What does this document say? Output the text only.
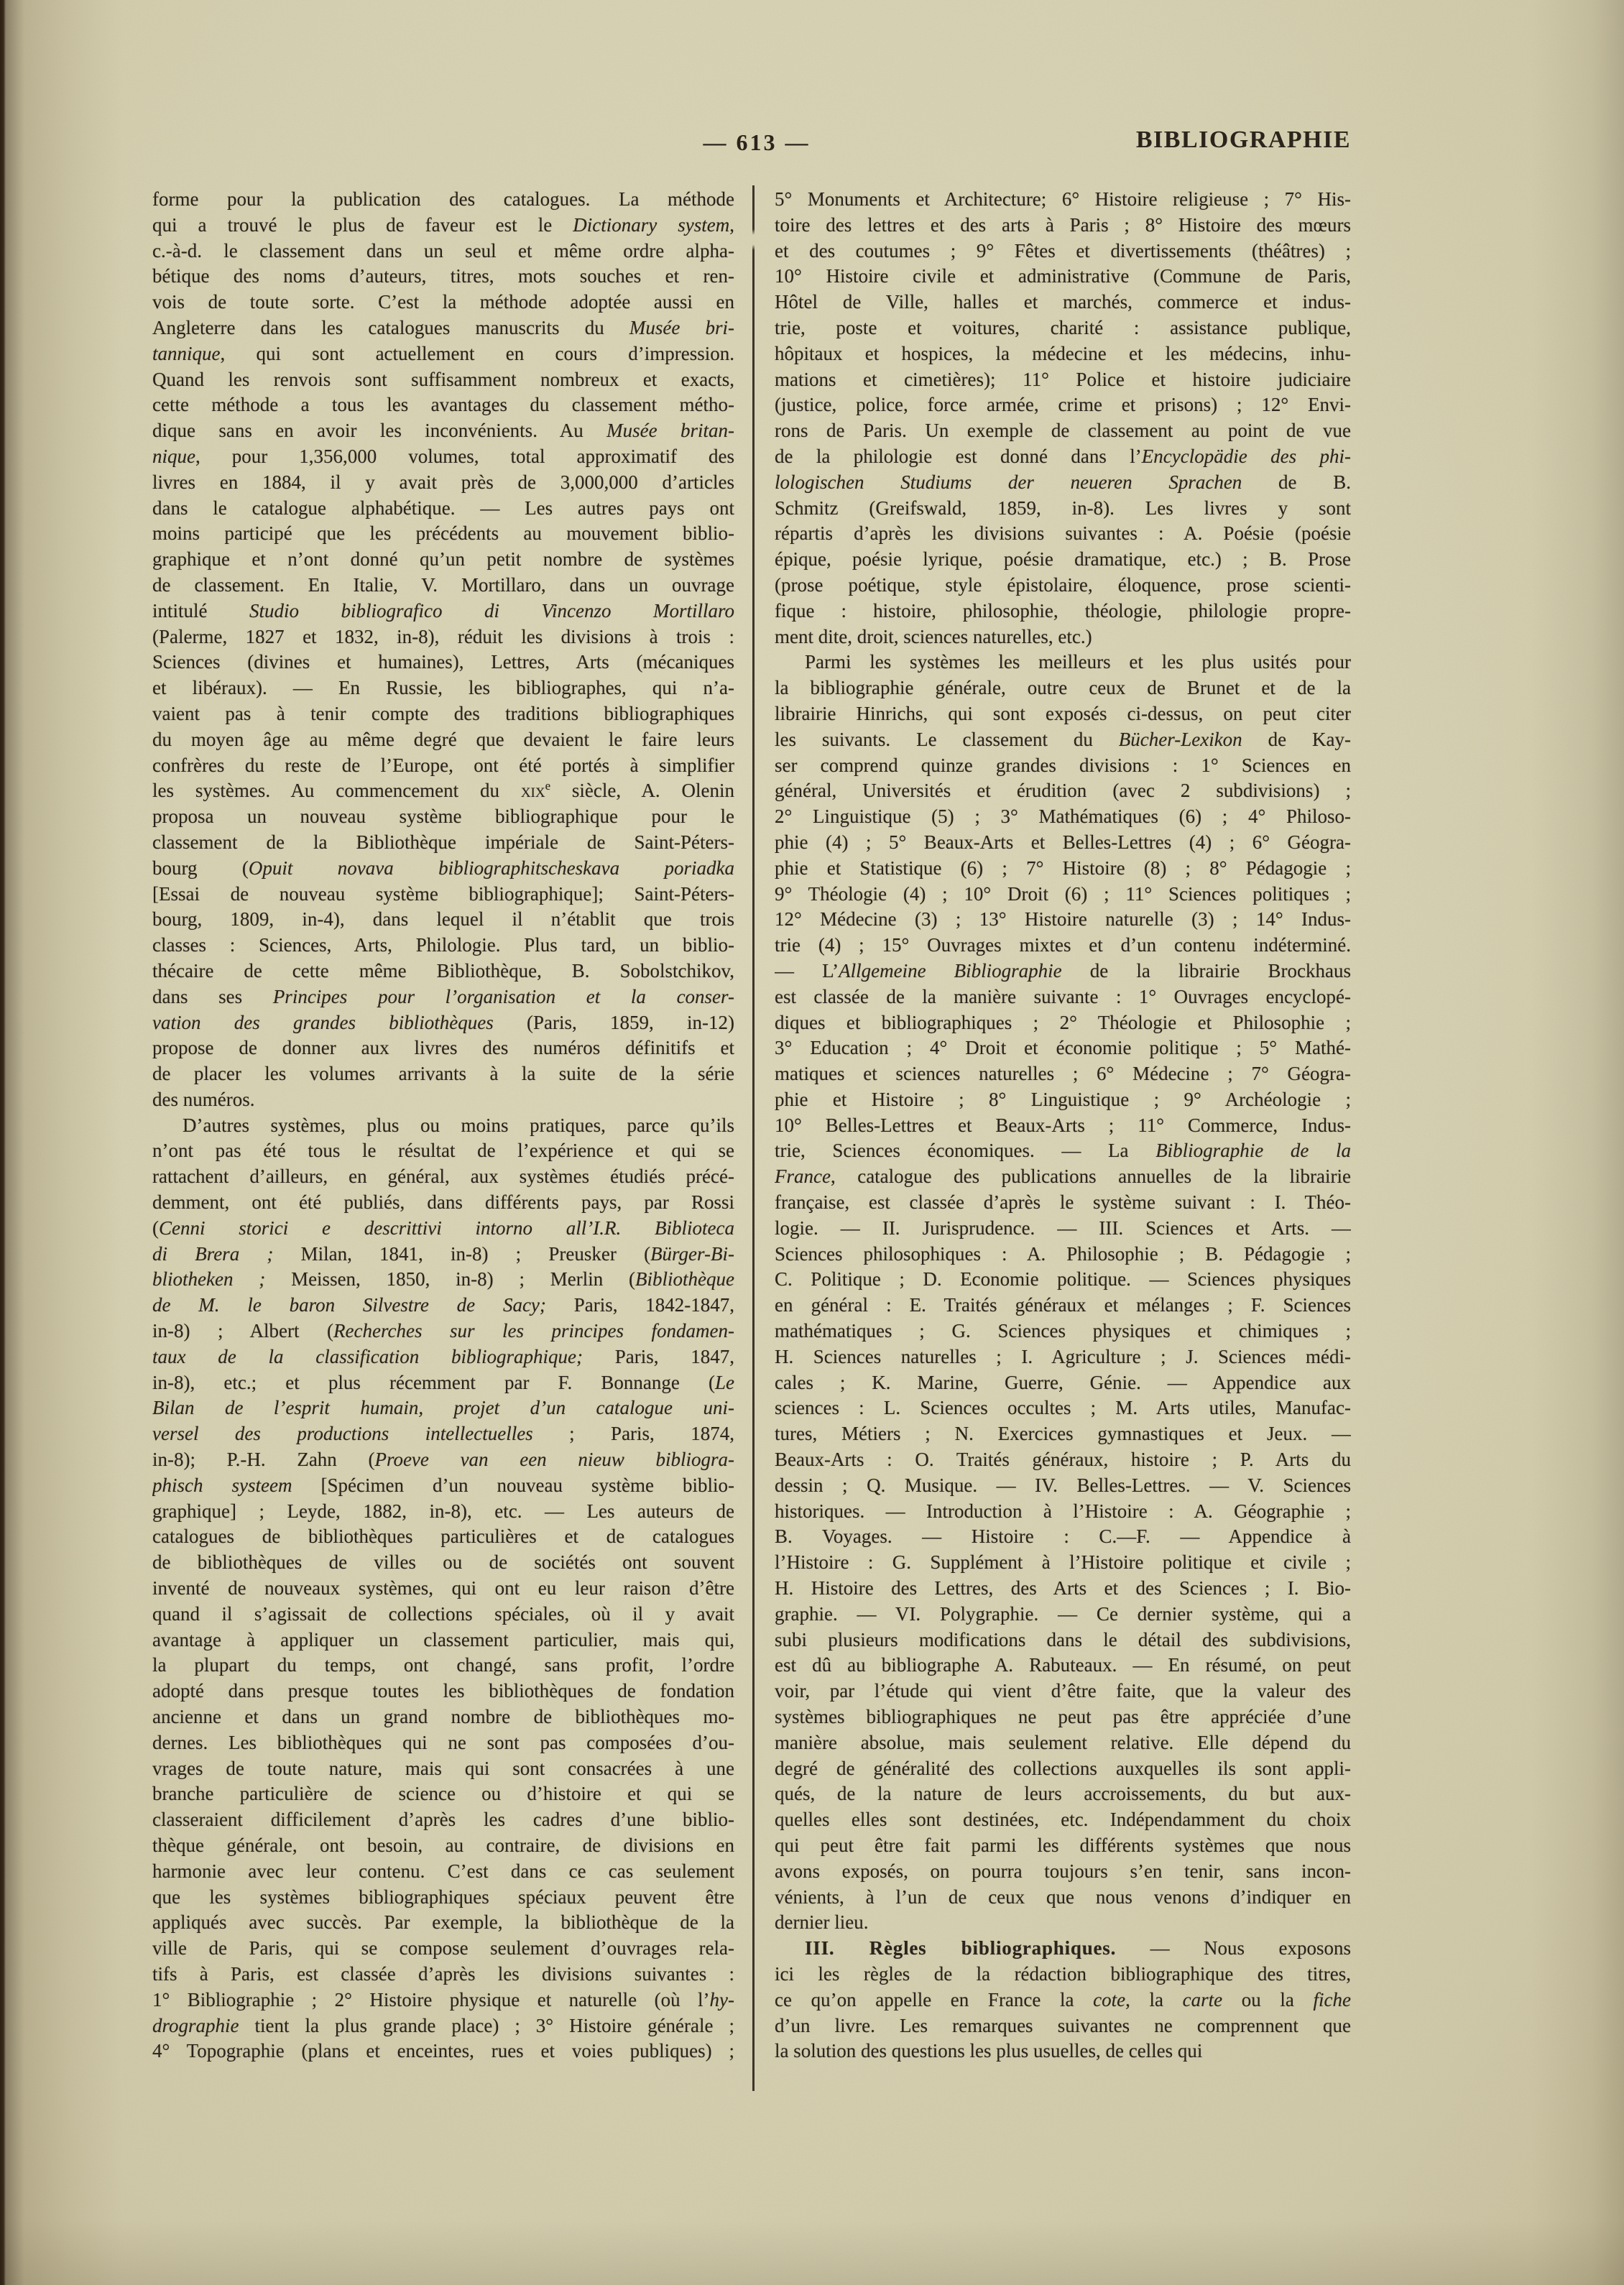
— 613 —	BIBLIOGRAPHIE
forme pour la publication des catalogues. La méthode
qui a trouvé le plus de faveur est le Dictionary system,
c.-à-d. le classement dans un seul et même ordre alpha-
bétique des noms d’auteurs, titres, mots souches et ren-
vois de toute sorte. C’est la méthode adoptée aussi en
Angleterre dans les catalogues manuscrits du Musée bri-
tannique, qui sont actuellement en cours d’impression.
Quand les renvois sont suffisamment nombreux et exacts,
cette méthode a tous les avantages du classement métho-
dique sans en avoir les inconvénients. Au Musée britan-
nique, pour 1,356,000 volumes, total approximatif des
livres en 1884, il y avait près de 3,000,000 d’articles
dans le catalogue alphabétique. — Les autres pays ont
moins participé que les précédents au mouvement biblio-
graphique et n’ont donné qu’un petit nombre de systèmes
de classement. En Italie, V. Mortillaro, dans un ouvrage
intitulé Studio bibliografico di Vincenzo Mortillaro
(Palerme, 1827 et 1832, in-8), réduit les divisions à trois :
Sciences (divines et humaines), Lettres, Arts (mécaniques
et libéraux). — En Russie, les bibliographes, qui n’a-
vaient pas à tenir compte des traditions bibliographiques
du moyen âge au même degré que devaient le faire leurs
confrères du reste de l’Europe, ont été portés à simplifier
les systèmes. Au commencement du xix$^e$ siècle, A. Olenin
proposa un nouveau système bibliographique pour le
classement de la Bibliothèque impériale de Saint-Péters-
bourg (Opuit novava bibliographitscheskava poriadka
[Essai de nouveau système bibliographique]; Saint-Péters-
bourg, 1809, in-4), dans lequel il n’établit que trois
classes : Sciences, Arts, Philologie. Plus tard, un biblio-
thécaire de cette même Bibliothèque, B. Sobolstchikov,
dans ses Principes pour l’organisation et la conser-
vation des grandes bibliothèques (Paris, 1859, in-12)
propose de donner aux livres des numéros définitifs et
de placer les volumes arrivants à la suite de la série
des numéros.
D’autres systèmes, plus ou moins pratiques, parce qu’ils
n’ont pas été tous le résultat de l’expérience et qui se
rattachent d’ailleurs, en général, aux systèmes étudiés précé-
demment, ont été publiés, dans différents pays, par Rossi
(Cenni storici e descrittivi intorno all’I.R. Biblioteca
di Brera ; Milan, 1841, in-8) ; Preusker (Bürger-Bi-
bliotheken ; Meissen, 1850, in-8) ; Merlin (Bibliothèque
de M. le baron Silvestre de Sacy; Paris, 1842-1847,
in-8) ; Albert (Recherches sur les principes fondamen-
taux de la classification bibliographique; Paris, 1847,
in-8), etc.; et plus récemment par F. Bonnange (Le
Bilan de l’esprit humain, projet d’un catalogue uni-
versel des productions intellectuelles ; Paris, 1874,
in-8); P.-H. Zahn (Proeve van een nieuw bibliogra-
phisch systeem [Spécimen d’un nouveau système biblio-
graphique] ; Leyde, 1882, in-8), etc. — Les auteurs de
catalogues de bibliothèques particulières et de catalogues
de bibliothèques de villes ou de sociétés ont souvent
inventé de nouveaux systèmes, qui ont eu leur raison d’être
quand il s’agissait de collections spéciales, où il y avait
avantage à appliquer un classement particulier, mais qui,
la plupart du temps, ont changé, sans profit, l’ordre
adopté dans presque toutes les bibliothèques de fondation
ancienne et dans un grand nombre de bibliothèques mo-
dernes. Les bibliothèques qui ne sont pas composées d’ou-
vrages de toute nature, mais qui sont consacrées à une
branche particulière de science ou d’histoire et qui se
classeraient difficilement d’après les cadres d’une biblio-
thèque générale, ont besoin, au contraire, de divisions en
harmonie avec leur contenu. C’est dans ce cas seulement
que les systèmes bibliographiques spéciaux peuvent être
appliqués avec succès. Par exemple, la bibliothèque de la
ville de Paris, qui se compose seulement d’ouvrages rela-
tifs à Paris, est classée d’après les divisions suivantes :
1° Bibliographie ; 2° Histoire physique et naturelle (où l’hy-
drographie tient la plus grande place) ; 3° Histoire générale ;
4° Topographie (plans et enceintes, rues et voies publiques) ;
5° Monuments et Architecture; 6° Histoire religieuse ; 7° His-
toire des lettres et des arts à Paris ; 8° Histoire des mœurs
et des coutumes ; 9° Fêtes et divertissements (théâtres) ;
10° Histoire civile et administrative (Commune de Paris,
Hôtel de Ville, halles et marchés, commerce et indus-
trie, poste et voitures, charité : assistance publique,
hôpitaux et hospices, la médecine et les médecins, inhu-
mations et cimetières); 11° Police et histoire judiciaire
(justice, police, force armée, crime et prisons) ; 12° Envi-
rons de Paris. Un exemple de classement au point de vue
de la philologie est donné dans l’Encyclopädie des phi-
lologischen Studiums der neueren Sprachen de B.
Schmitz (Greifswald, 1859, in-8). Les livres y sont
répartis d’après les divisions suivantes : A. Poésie (poésie
épique, poésie lyrique, poésie dramatique, etc.) ; B. Prose
(prose poétique, style épistolaire, éloquence, prose scienti-
fique : histoire, philosophie, théologie, philologie propre-
ment dite, droit, sciences naturelles, etc.)
Parmi les systèmes les meilleurs et les plus usités pour
la bibliographie générale, outre ceux de Brunet et de la
librairie Hinrichs, qui sont exposés ci-dessus, on peut citer
les suivants. Le classement du Bücher-Lexikon de Kay-
ser comprend quinze grandes divisions : 1° Sciences en
général, Universités et érudition (avec 2 subdivisions) ;
2° Linguistique (5) ; 3° Mathématiques (6) ; 4° Philoso-
phie (4) ; 5° Beaux-Arts et Belles-Lettres (4) ; 6° Géogra-
phie et Statistique (6) ; 7° Histoire (8) ; 8° Pédagogie ;
9° Théologie (4) ; 10° Droit (6) ; 11° Sciences politiques ;
12° Médecine (3) ; 13° Histoire naturelle (3) ; 14° Indus-
trie (4) ; 15° Ouvrages mixtes et d’un contenu indéterminé.
— L’Allgemeine Bibliographie de la librairie Brockhaus
est classée de la manière suivante : 1° Ouvrages encyclopé-
diques et bibliographiques ; 2° Théologie et Philosophie ;
3° Education ; 4° Droit et économie politique ; 5° Mathé-
matiques et sciences naturelles ; 6° Médecine ; 7° Géogra-
phie et Histoire ; 8° Linguistique ; 9° Archéologie ;
10° Belles-Lettres et Beaux-Arts ; 11° Commerce, Indus-
trie, Sciences économiques. — La Bibliographie de la
France, catalogue des publications annuelles de la librairie
française, est classée d’après le système suivant : I. Théo-
logie. — II. Jurisprudence. — III. Sciences et Arts. —
Sciences philosophiques : A. Philosophie ; B. Pédagogie ;
C. Politique ; D. Economie politique. — Sciences physiques
en général : E. Traités généraux et mélanges ; F. Sciences
mathématiques ; G. Sciences physiques et chimiques ;
H. Sciences naturelles ; I. Agriculture ; J. Sciences médi-
cales ; K. Marine, Guerre, Génie. — Appendice aux
sciences : L. Sciences occultes ; M. Arts utiles, Manufac-
tures, Métiers ; N. Exercices gymnastiques et Jeux. —
Beaux-Arts : O. Traités généraux, histoire ; P. Arts du
dessin ; Q. Musique. — IV. Belles-Lettres. — V. Sciences
historiques. — Introduction à l’Histoire : A. Géographie ;
B. Voyages. — Histoire : C.—F. — Appendice à
l’Histoire : G. Supplément à l’Histoire politique et civile ;
H. Histoire des Lettres, des Arts et des Sciences ; I. Bio-
graphie. — VI. Polygraphie. — Ce dernier système, qui a
subi plusieurs modifications dans le détail des subdivisions,
est dû au bibliographe A. Rabuteaux. — En résumé, on peut
voir, par l’étude qui vient d’être faite, que la valeur des
systèmes bibliographiques ne peut pas être appréciée d’une
manière absolue, mais seulement relative. Elle dépend du
degré de généralité des collections auxquelles ils sont appli-
qués, de la nature de leurs accroissements, du but aux-
quelles elles sont destinées, etc. Indépendamment du choix
qui peut être fait parmi les différents systèmes que nous
avons exposés, on pourra toujours s’en tenir, sans incon-
vénients, à l’un de ceux que nous venons d’indiquer en
dernier lieu.
III. Règles bibliographiques. — Nous exposons
ici les règles de la rédaction bibliographique des titres,
ce qu’on appelle en France la cote, la carte ou la fiche
d’un livre. Les remarques suivantes ne comprennent que
la solution des questions les plus usuelles, de celles qui
